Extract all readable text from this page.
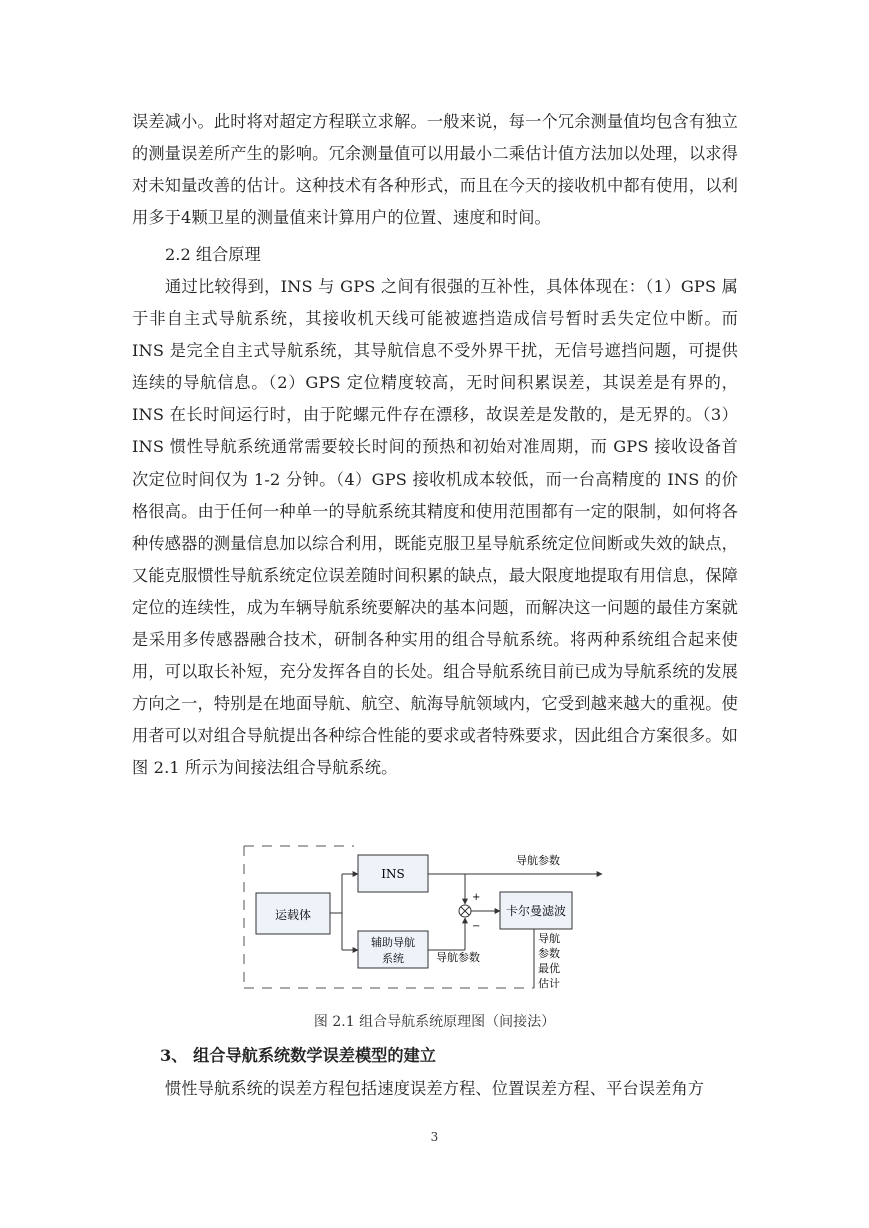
误差减小。此时将对超定方程联立求解。一般来说，每一个冗余测量值均包含有独立的测量误差所产生的影响。冗余测量值可以用最小二乘估计值方法加以处理，以求得对未知量改善的估计。这种技术有各种形式，而且在今天的接收机中都有使用，以利用多于4颗卫星的测量值来计算用户的位置、速度和时间。

2.2 组合原理

通过比较得到，INS 与 GPS 之间有很强的互补性，具体体现在：（1）GPS 属于非自主式导航系统，其接收机天线可能被遮挡造成信号暂时丢失定位中断。而 INS 是完全自主式导航系统，其导航信息不受外界干扰，无信号遮挡问题，可提供连续的导航信息。（2）GPS 定位精度较高，无时间积累误差，其误差是有界的，INS 在长时间运行时，由于陀螺元件存在漂移，故误差是发散的，是无界的。（3）INS 惯性导航系统通常需要较长时间的预热和初始对准周期，而 GPS 接收设备首次定位时间仅为 1-2 分钟。（4）GPS 接收机成本较低，而一台高精度的 INS 的价格很高。由于任何一种单一的导航系统其精度和使用范围都有一定的限制，如何将各种传感器的测量信息加以综合利用，既能克服卫星导航系统定位间断或失效的缺点，又能克服惯性导航系统定位误差随时间积累的缺点，最大限度地提取有用信息，保障定位的连续性，成为车辆导航系统要解决的基本问题，而解决这一问题的最佳方案就是采用多传感器融合技术，研制各种实用的组合导航系统。将两种系统组合起来使用，可以取长补短，充分发挥各自的长处。组合导航系统目前已成为导航系统的发展方向之一，特别是在地面导航、航空、航海导航领域内，它受到越来越大的重视。使用者可以对组合导航提出各种综合性能的要求或者特殊要求，因此组合方案很多。如图 2.1 所示为间接法组合导航系统。

运载体
INS
辅助导航
系统
卡尔曼滤波
导航参数
+
−
导航参数
导航
参数
最优
估计
图 2.1 组合导航系统原理图（间接法）
3、 组合导航系统数学误差模型的建立

惯性导航系统的误差方程包括速度误差方程、位置误差方程、平台误差角方

3
